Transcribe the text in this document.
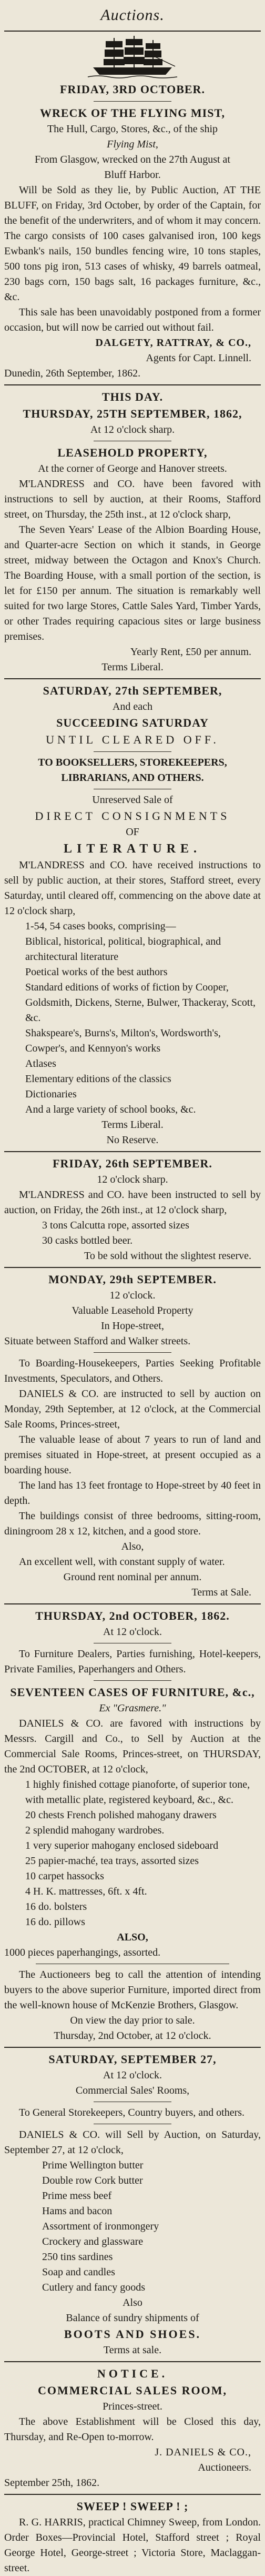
Auctions.

FRIDAY, 3RD OCTOBER.

WRECK OF THE FLYING MIST,

The Hull, Cargo, Stores, &c., of the ship

Flying Mist,

From Glasgow, wrecked on the 27th August at

Bluff Harbor.

Will be Sold as they lie, by Public Auction, AT THE BLUFF, on Friday, 3rd October, by order of the Captain, for the benefit of the underwriters, and of whom it may concern. The cargo consists of 100 cases galvanised iron, 100 kegs Ewbank's nails, 150 bundles fencing wire, 10 tons staples, 500 tons pig iron, 513 cases of whisky, 49 barrels oatmeal, 230 bags corn, 150 bags salt, 16 packages furniture, &c., &c.

This sale has been unavoidably postponed from a former occasion, but will now be carried out without fail.

DALGETY, RATTRAY, & CO.,

Agents for Capt. Linnell.

Dunedin, 26th September, 1862.

THIS DAY.

THURSDAY, 25TH SEPTEMBER, 1862,

At 12 o'clock sharp.

LEASEHOLD PROPERTY,

At the corner of George and Hanover streets.

M'LANDRESS and CO. have been favored with instructions to sell by auction, at their Rooms, Stafford street, on Thursday, the 25th inst., at 12 o'clock sharp,

The Seven Years' Lease of the Albion Boarding House, and Quarter-acre Section on which it stands, in George street, midway between the Octagon and Knox's Church. The Boarding House, with a small portion of the section, is let for £150 per annum. The situation is remarkably well suited for two large Stores, Cattle Sales Yard, Timber Yards, or other Trades requiring capacious sites or large business premises.

Yearly Rent, £50 per annum.

Terms Liberal.

SATURDAY, 27th SEPTEMBER,

And each

SUCCEEDING SATURDAY

UNTIL CLEARED OFF.

TO BOOKSELLERS, STOREKEEPERS, LIBRARIANS, AND OTHERS.

Unreserved Sale of

DIRECT CONSIGNMENTS

OF

LITERATURE.

M'LANDRESS and CO. have received instructions to sell by public auction, at their stores, Stafford street, every Saturday, until cleared off, commencing on the above date at 12 o'clock sharp,

1-54, 54 cases books, comprising—

Biblical, historical, political, biographical, and architectural literature

Poetical works of the best authors

Standard editions of works of fiction by Cooper, Goldsmith, Dickens, Sterne, Bulwer, Thackeray, Scott, &c.

Shakspeare's, Burns's, Milton's, Wordsworth's, Cowper's, and Kennyon's works

Atlases

Elementary editions of the classics

Dictionaries

And a large variety of school books, &c.

Terms Liberal.

No Reserve.

FRIDAY, 26th SEPTEMBER.

12 o'clock sharp.

M'LANDRESS and CO. have been instructed to sell by auction, on Friday, the 26th inst., at 12 o'clock sharp,

3 tons Calcutta rope, assorted sizes

30 casks bottled beer.

To be sold without the slightest reserve.

MONDAY, 29th SEPTEMBER.

12 o'clock.

Valuable Leasehold Property

In Hope-street,

Situate between Stafford and Walker streets.

To Boarding-Housekeepers, Parties Seeking Profitable Investments, Speculators, and Others.

DANIELS & CO. are instructed to sell by auction on Monday, 29th September, at 12 o'clock, at the Commercial Sale Rooms, Princes-street,

The valuable lease of about 7 years to run of land and premises situated in Hope-street, at present occupied as a boarding house.

The land has 13 feet frontage to Hope-street by 40 feet in depth.

The buildings consist of three bedrooms, sitting-room, diningroom 28 x 12, kitchen, and a good store.

Also,

An excellent well, with constant supply of water.

Ground rent nominal per annum.

Terms at Sale.

THURSDAY, 2nd OCTOBER, 1862.

At 12 o'clock.

To Furniture Dealers, Parties furnishing, Hotel-keepers, Private Families, Paperhangers and Others.

SEVENTEEN CASES OF FURNITURE, &c.,

Ex "Grasmere."

DANIELS & CO. are favored with instructions by Messrs. Cargill and Co., to Sell by Auction at the Commercial Sale Rooms, Princes-street, on THURSDAY, the 2nd OCTOBER, at 12 o'clock,

1 highly finished cottage pianoforte, of superior tone, with metallic plate, registered keyboard, &c., &c.

20 chests French polished mahogany drawers

2 splendid mahogany wardrobes.

1 very superior mahogany enclosed sideboard

25 papier-maché, tea trays, assorted sizes

10 carpet hassocks

4 H. K. mattresses, 6ft. x 4ft.

16 do. bolsters

16 do. pillows

ALSO,

1000 pieces paperhangings, assorted.

The Auctioneers beg to call the attention of intending buyers to the above superior Furniture, imported direct from the well-known house of McKenzie Brothers, Glasgow.

On view the day prior to sale.

Thursday, 2nd October, at 12 o'clock.

SATURDAY, SEPTEMBER 27,

At 12 o'clock.

Commercial Sales' Rooms,

To General Storekeepers, Country buyers, and others.

DANIELS & CO. will Sell by Auction, on Saturday, September 27, at 12 o'clock,

Prime Wellington butter

Double row Cork butter

Prime mess beef

Hams and bacon

Assortment of ironmongery

Crockery and glassware

250 tins sardines

Soap and candles

Cutlery and fancy goods

Also

Balance of sundry shipments of

BOOTS AND SHOES.

Terms at sale.

NOTICE.

COMMERCIAL SALES ROOM,

Princes-street.

The above Establishment will be Closed this day, Thursday, and Re-Open to-morrow.

J. DANIELS & CO.,

Auctioneers.

September 25th, 1862.

SWEEP ! SWEEP ! ;

R. G. HARRIS, practical Chimney Sweep, from London. Order Boxes—Provincial Hotel, Stafford street ; Royal George Hotel, George-street ; Victoria Store, Maclaggan-street.
